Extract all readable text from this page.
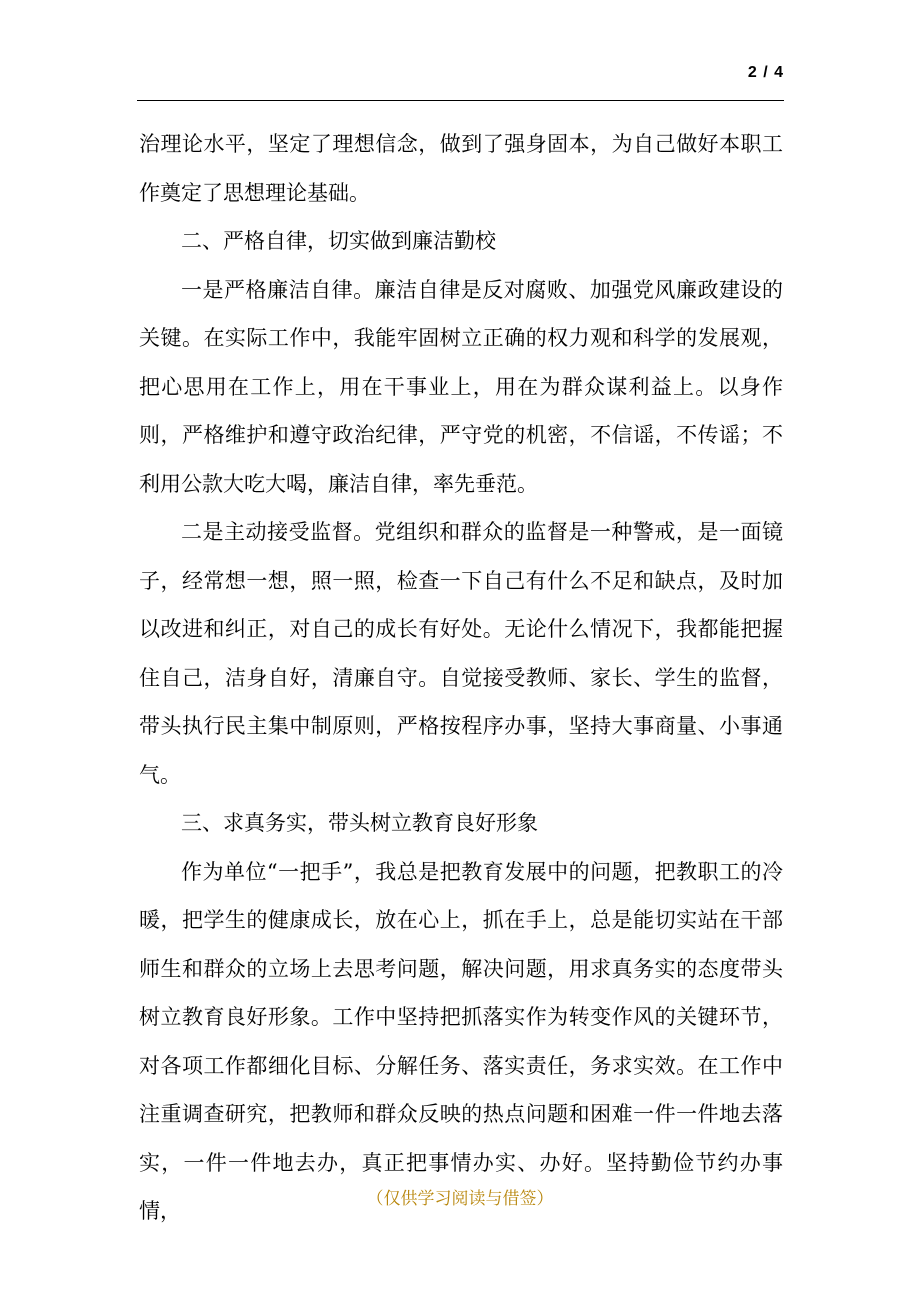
2 / 4

治理论水平，坚定了理想信念，做到了强身固本，为自己做好本职工作奠定了思想理论基础。

二、严格自律，切实做到廉洁勤校

一是严格廉洁自律。廉洁自律是反对腐败、加强党风廉政建设的关键。在实际工作中，我能牢固树立正确的权力观和科学的发展观，把心思用在工作上，用在干事业上，用在为群众谋利益上。以身作则，严格维护和遵守政治纪律，严守党的机密，不信谣，不传谣；不利用公款大吃大喝，廉洁自律，率先垂范。

二是主动接受监督。党组织和群众的监督是一种警戒，是一面镜子，经常想一想，照一照，检查一下自己有什么不足和缺点，及时加以改进和纠正，对自己的成长有好处。无论什么情况下，我都能把握住自己，洁身自好，清廉自守。自觉接受教师、家长、学生的监督，带头执行民主集中制原则，严格按程序办事，坚持大事商量、小事通气。

三、求真务实，带头树立教育良好形象

作为单位“一把手”，我总是把教育发展中的问题，把教职工的冷暖，把学生的健康成长，放在心上，抓在手上，总是能切实站在干部师生和群众的立场上去思考问题，解决问题，用求真务实的态度带头树立教育良好形象。工作中坚持把抓落实作为转变作风的关键环节，对各项工作都细化目标、分解任务、落实责任，务求实效。在工作中注重调查研究，把教师和群众反映的热点问题和困难一件一件地去落实，一件一件地去办，真正把事情办实、办好。坚持勤俭节约办事情，	（仅供学习阅读与借签）
